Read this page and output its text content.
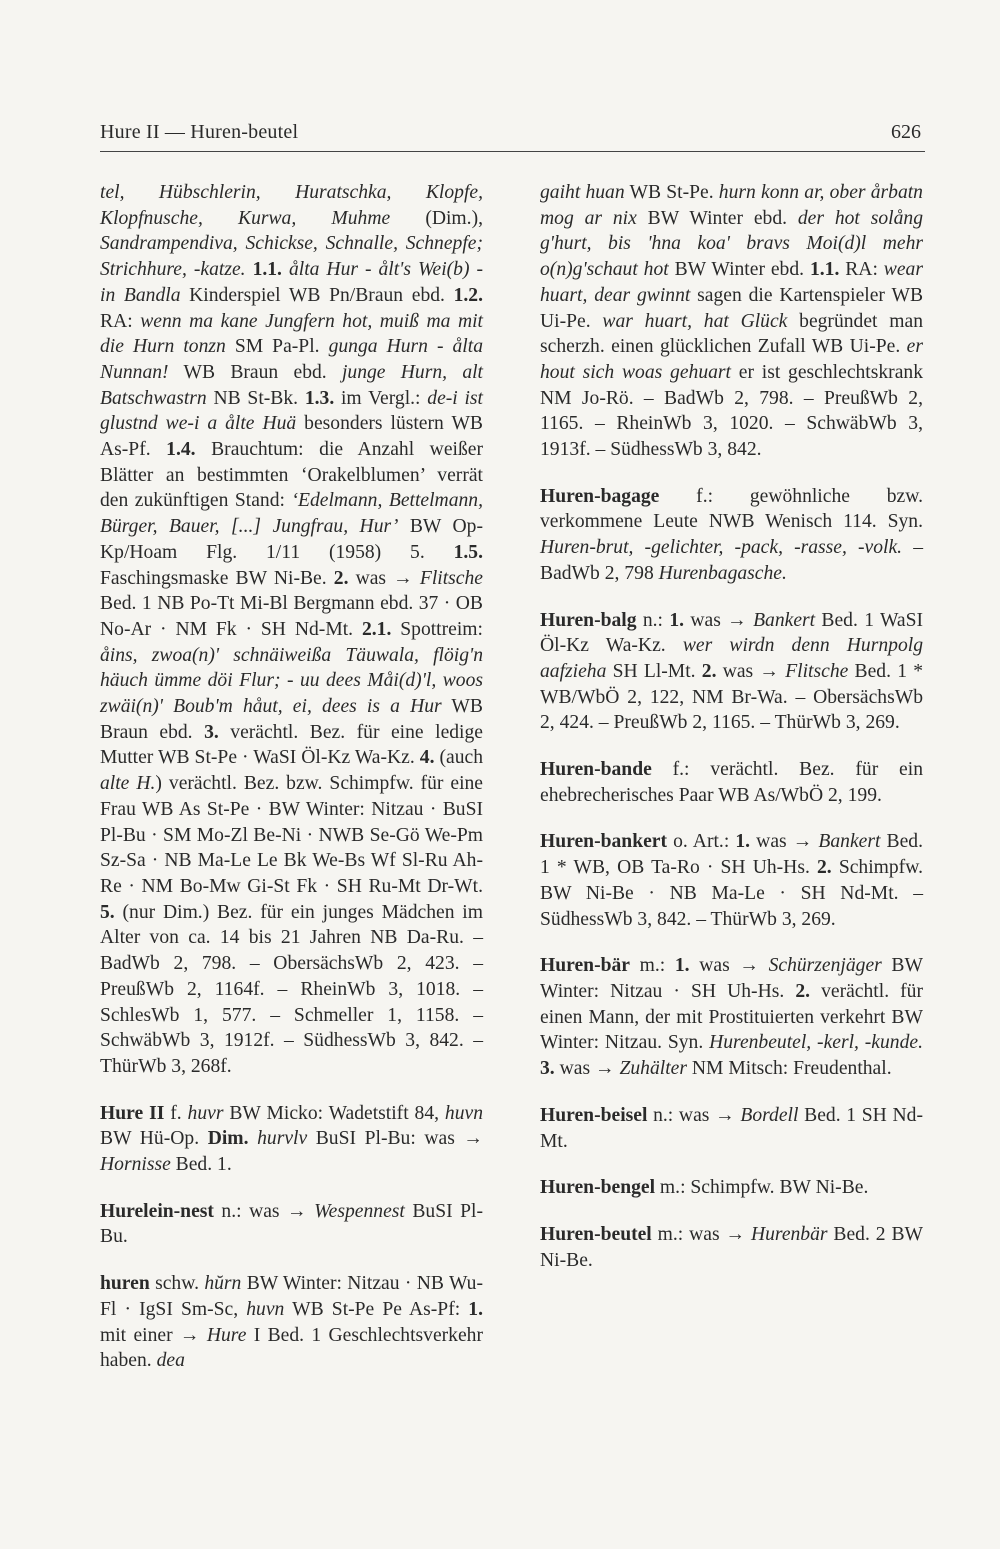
Hure II — Huren-beutel	626

tel, Hübschlerin, Huratschka, Klopfe, Klopfnusche, Kurwa, Muhme (Dim.), Sandrampendiva, Schickse, Schnalle, Schnepfe; Strichhure, -katze. 1.1. ålta Hur - ålt's Wei(b) - in Bandla Kinderspiel WB Pn/Braun ebd. 1.2. RA: wenn ma kane Jungfern hot, muiß ma mit die Hurn tonzn SM Pa-Pl. gunga Hurn - ålta Nunnan! WB Braun ebd. junge Hurn, alt Batschwastrn NB St-Bk. 1.3. im Vergl.: de-i ist glustnd we-i a ålte Huä besonders lüstern WB As-Pf. 1.4. Brauchtum: die Anzahl weißer Blätter an bestimmten ‘Orakelblumen’ verrät den zukünftigen Stand: ‘Edelmann, Bettelmann, Bürger, Bauer, [...] Jungfrau, Hur’ BW Op-Kp/Hoam Flg. 1/11 (1958) 5. 1.5. Faschingsmaske BW Ni-Be. 2. was → Flitsche Bed. 1 NB Po-Tt Mi-Bl Bergmann ebd. 37 · OB No-Ar · NM Fk · SH Nd-Mt. 2.1. Spottreim: åins, zwoa(n)' schnäiweißa Täuwala, flöig'n häuch ümme döi Flur; - uu dees Måi(d)'l, woos zwäi(n)' Boub'm håut, ei, dees is a Hur WB Braun ebd. 3. verächtl. Bez. für eine ledige Mutter WB St-Pe · WaSI Öl-Kz Wa-Kz. 4. (auch alte H.) verächtl. Bez. bzw. Schimpfw. für eine Frau WB As St-Pe · BW Winter: Nitzau · BuSI Pl-Bu · SM Mo-Zl Be-Ni · NWB Se-Gö We-Pm Sz-Sa · NB Ma-Le Le Bk We-Bs Wf Sl-Ru Ah-Re · NM Bo-Mw Gi-St Fk · SH Ru-Mt Dr-Wt. 5. (nur Dim.) Bez. für ein junges Mädchen im Alter von ca. 14 bis 21 Jahren NB Da-Ru. – BadWb 2, 798. – ObersächsWb 2, 423. – PreußWb 2, 1164f. – RheinWb 3, 1018. – SchlesWb 1, 577. – Schmeller 1, 1158. – SchwäbWb 3, 1912f. – SüdhessWb 3, 842. – ThürWb 3, 268f.

Hure II f. huvr BW Micko: Wadetstift 84, huvn BW Hü-Op. Dim. hurvlv BuSI Pl-Bu: was → Hornisse Bed. 1.

Hurelein-nest n.: was → Wespennest BuSI Pl-Bu.

huren schw. hŭrn BW Winter: Nitzau · NB Wu-Fl · IgSI Sm-Sc, huvn WB St-Pe Pe As-Pf: 1. mit einer → Hure I Bed. 1 Geschlechtsverkehr haben. dea

gaiht huan WB St-Pe. hurn konn ar, ober årbatn mog ar nix BW Winter ebd. der hot solång g'hurt, bis 'hna koa' bravs Moi(d)l mehr o(n)g'schaut hot BW Winter ebd. 1.1. RA: wear huart, dear gwinnt sagen die Kartenspieler WB Ui-Pe. war huart, hat Glück begründet man scherzh. einen glücklichen Zufall WB Ui-Pe. er hout sich woas gehuart er ist geschlechtskrank NM Jo-Rö. – BadWb 2, 798. – PreußWb 2, 1165. – RheinWb 3, 1020. – SchwäbWb 3, 1913f. – SüdhessWb 3, 842.

Huren-bagage f.: gewöhnliche bzw. verkommene Leute NWB Wenisch 114. Syn. Huren-brut, -gelichter, -pack, -rasse, -volk. – BadWb 2, 798 Hurenbagasche.

Huren-balg n.: 1. was → Bankert Bed. 1 WaSI Öl-Kz Wa-Kz. wer wirdn denn Hurnpolg aafzieha SH Ll-Mt. 2. was → Flitsche Bed. 1 * WB/WbÖ 2, 122, NM Br-Wa. – ObersächsWb 2, 424. – PreußWb 2, 1165. – ThürWb 3, 269.

Huren-bande f.: verächtl. Bez. für ein ehebrecherisches Paar WB As/WbÖ 2, 199.

Huren-bankert o. Art.: 1. was → Bankert Bed. 1 * WB, OB Ta-Ro · SH Uh-Hs. 2. Schimpfw. BW Ni-Be · NB Ma-Le · SH Nd-Mt. – SüdhessWb 3, 842. – ThürWb 3, 269.

Huren-bär m.: 1. was → Schürzenjäger BW Winter: Nitzau · SH Uh-Hs. 2. verächtl. für einen Mann, der mit Prostituierten verkehrt BW Winter: Nitzau. Syn. Hurenbeutel, -kerl, -kunde. 3. was → Zuhälter NM Mitsch: Freudenthal.

Huren-beisel n.: was → Bordell Bed. 1 SH Nd-Mt.

Huren-bengel m.: Schimpfw. BW Ni-Be.

Huren-beutel m.: was → Hurenbär Bed. 2 BW Ni-Be.
